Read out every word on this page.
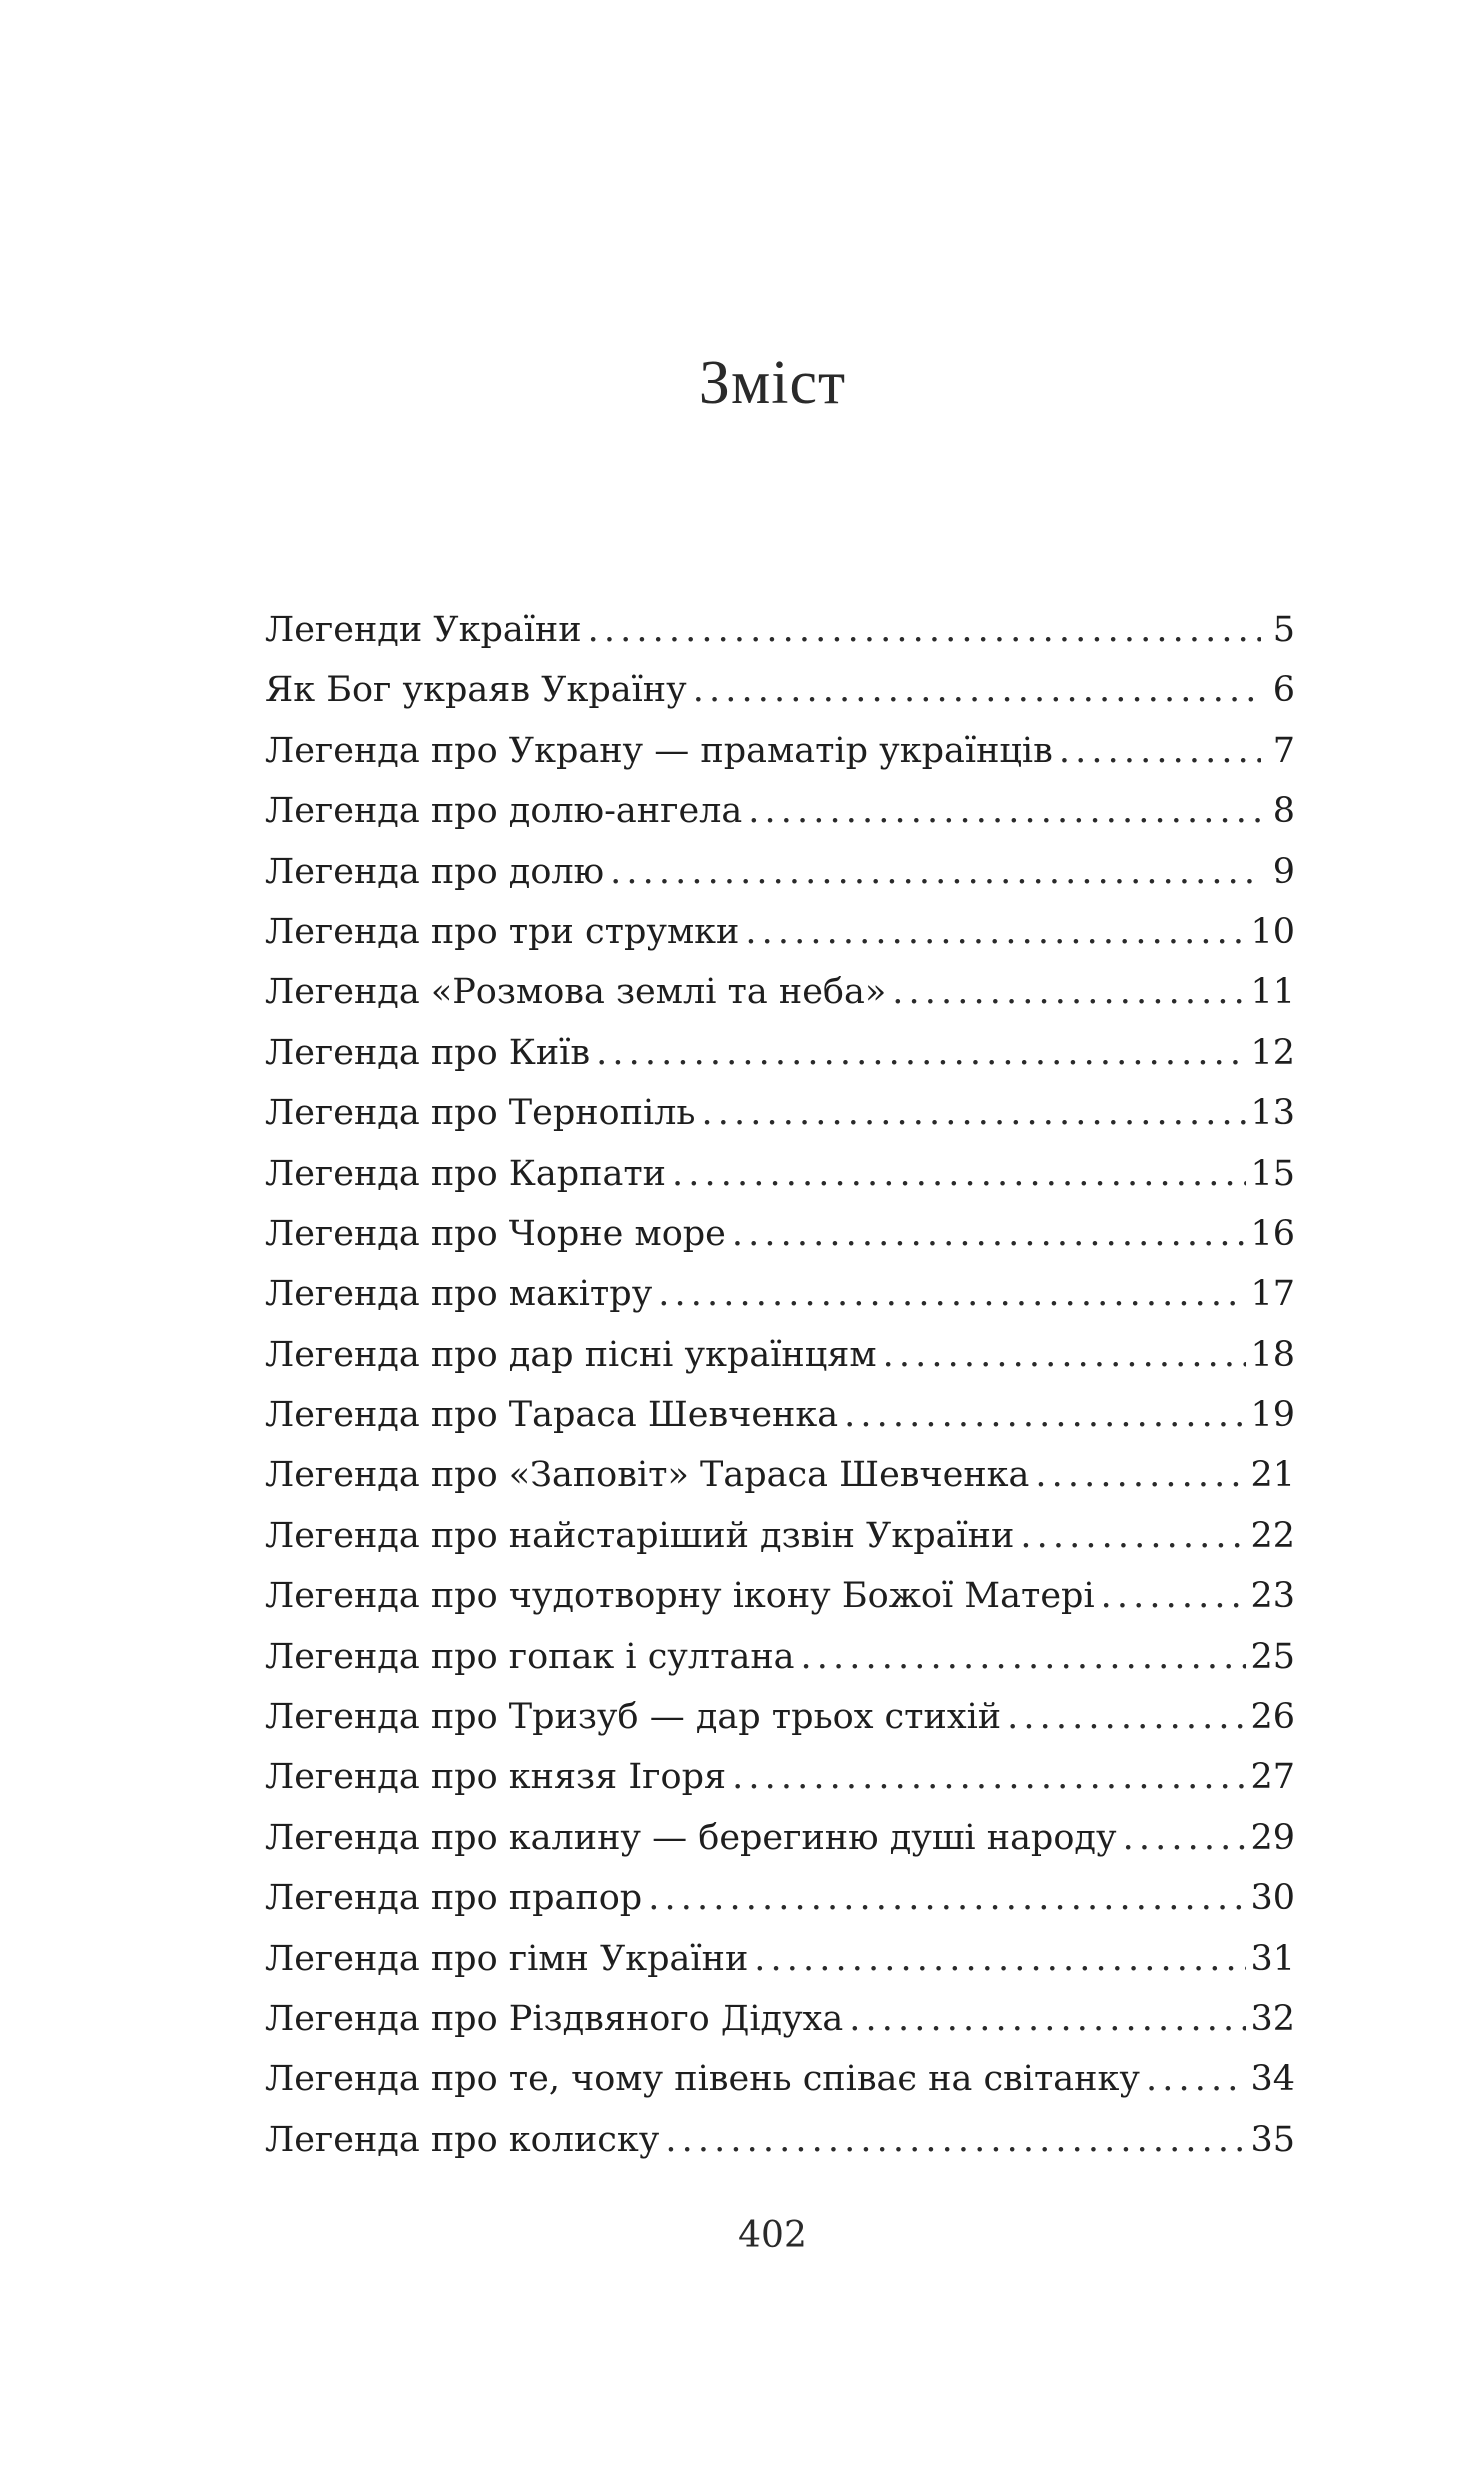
Зміст
Легенди України . . .	5
Як Бог украяв Україну . . .	6
Легенда про Украну — праматір українців . . .	7
Легенда про долю-ангела . . .	8
Легенда про долю . . .	9
Легенда про три струмки . . .	10
Легенда «Розмова землі та неба» . . .	11
Легенда про Київ . . .	12
Легенда про Тернопіль . . .	13
Легенда про Карпати . . .	15
Легенда про Чорне море . . .	16
Легенда про макітру . . .	17
Легенда про дар пісні українцям . . .	18
Легенда про Тараса Шевченка . . .	19
Легенда про «Заповіт» Тараса Шевченка . . .	21
Легенда про найстаріший дзвін України . . .	22
Легенда про чудотворну ікону Божої Матері . . .	23
Легенда про гопак і султана . . .	25
Легенда про Тризуб — дар трьох стихій . . .	26
Легенда про князя Ігоря . . .	27
Легенда про калину — берегиню душі народу . . .	29
Легенда про прапор . . .	30
Легенда про гімн України . . .	31
Легенда про Різдвяного Дідуха . . .	32
Легенда про те, чому півень співає на світанку . . .	34
Легенда про колиску . . .	35
402
